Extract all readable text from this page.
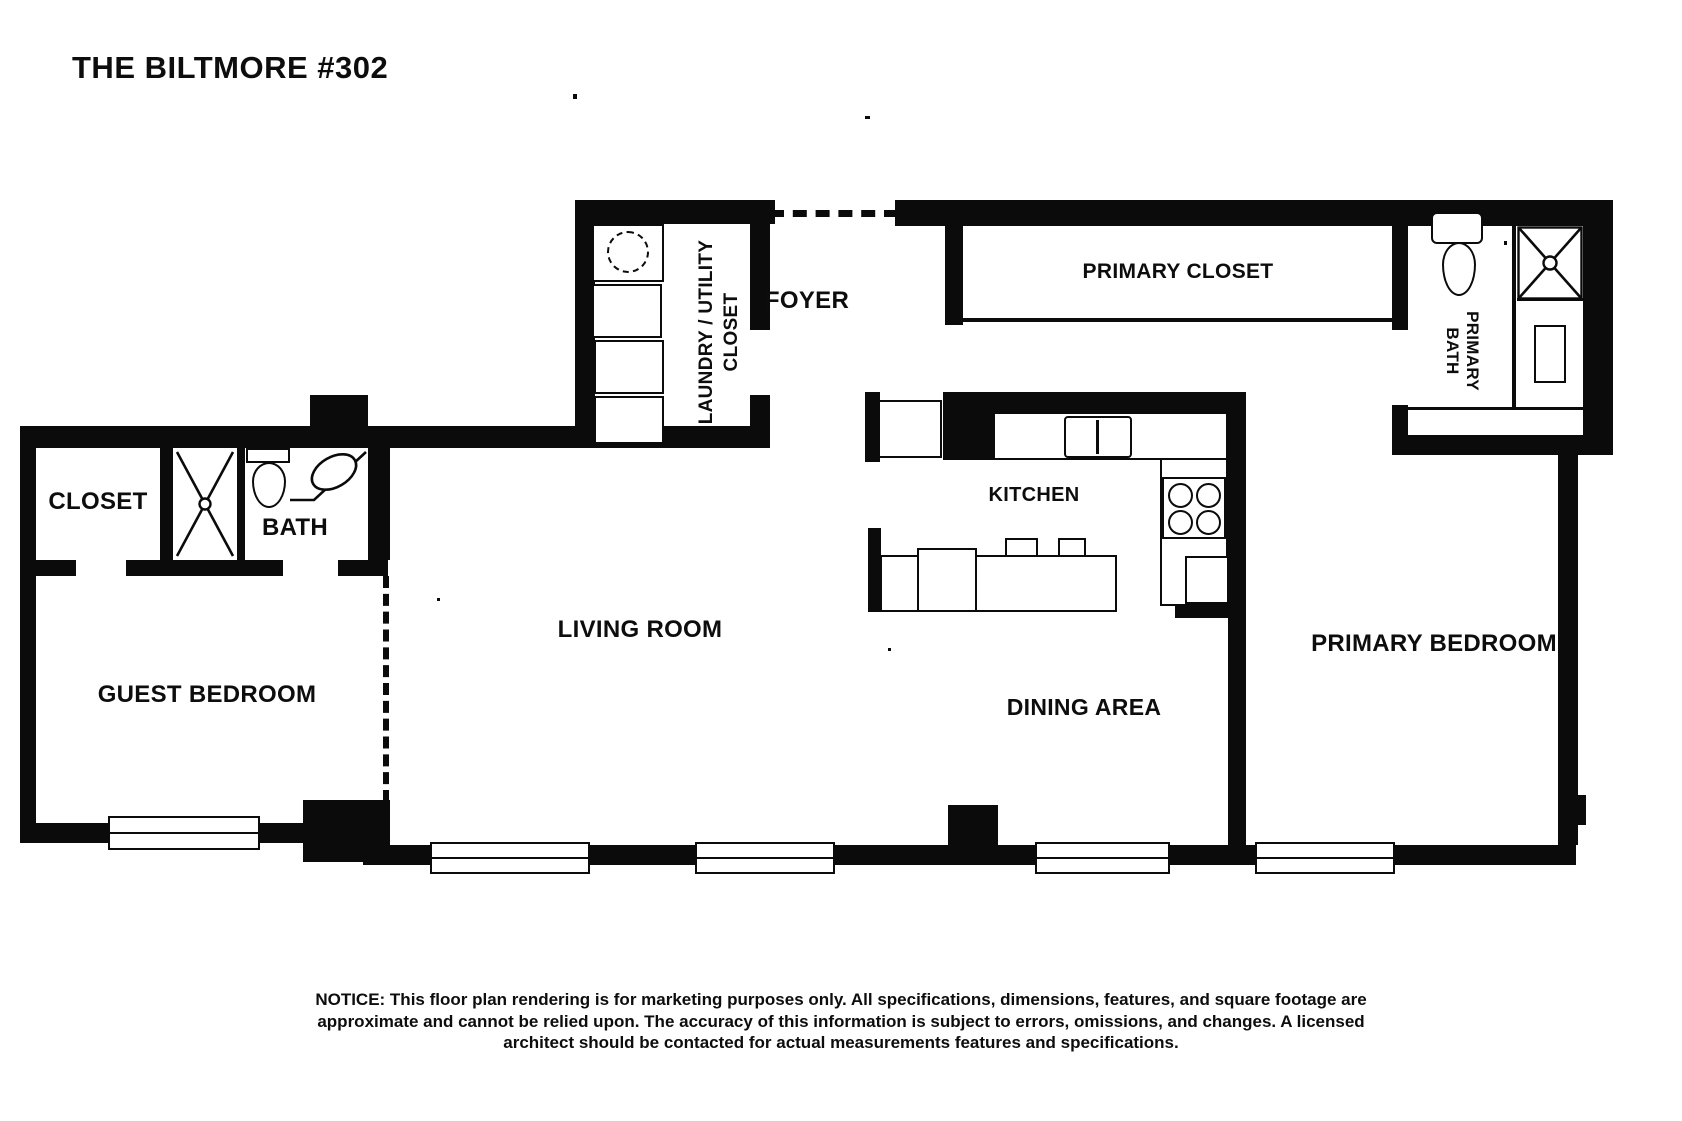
THE BILTMORE #302
CLOSET
BATH
GUEST BEDROOM
LIVING ROOM
LAUNDRY / UTILITY CLOSET FOYER
PRIMARY CLOSET
PRIMARY
BATH
KITCHEN
DINING AREA
PRIMARY BEDROOM
NOTICE: This floor plan rendering is for marketing purposes only. All specifications, dimensions, features, and square footage are
approximate and cannot be relied upon. The accuracy of this information is subject to errors, omissions, and changes. A licensed
architect should be contacted for actual measurements features and specifications.
